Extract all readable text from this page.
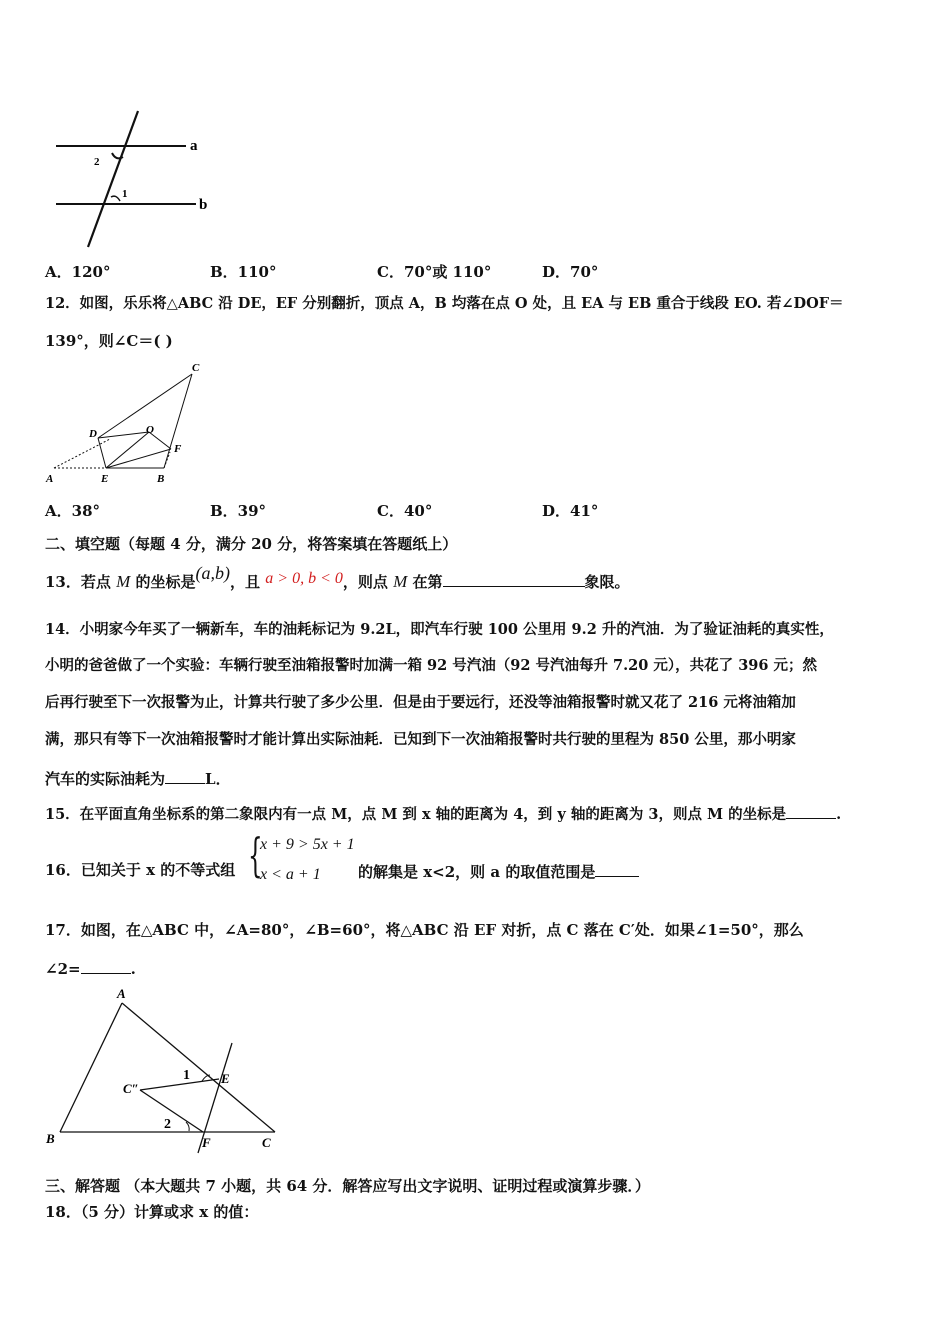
a
b
2
1
A．120°	B．110°	C．70°或 110°	D．70°
12．如图，乐乐将△ABC 沿 DE，EF 分别翻折，顶点 A，B 均落在点 O 处，且 EA 与 EB 重合于线段 EO. 若∠DOF＝
139°，则∠C＝( )
A	E	B
C
D	O
F
A．38°	B．39°	C．40°	D．41°
二、填空题（每题 4 分，满分 20 分，将答案填在答题纸上）
13．若点 M 的坐标是(a,b)，且 a > 0, b < 0，则点 M 在第	象限。
14．小明家今年买了一辆新车，车的油耗标记为 9.2L，即汽车行驶 100 公里用 9.2 升的汽油．为了验证油耗的真实性，
小明的爸爸做了一个实验：车辆行驶至油箱报警时加满一箱 92 号汽油（92 号汽油每升 7.20 元），共花了 396 元；然
后再行驶至下一次报警为止，计算共行驶了多少公里．但是由于要远行，还没等油箱报警时就又花了 216 元将油箱加
满，那只有等下一次油箱报警时才能计算出实际油耗．已知到下一次油箱报警时共行驶的里程为 850 公里，那小明家
汽车的实际油耗为	L．
15．在平面直角坐标系的第二象限内有一点 M，点 M 到 x 轴的距离为 4，到 y 轴的距离为 3，则点 M 的坐标是	.
16．已知关于 x 的不等式组 {
x + 9 > 5x + 1
x < a + 1 的解集是 x<2，则 a 的取值范围是
17．如图，在△ABC 中，∠A=80°，∠B=60°，将△ABC 沿 EF 对折，点 C 落在 C′处．如果∠1=50°，那么
∠2=	.
A
B	C
C″
E
F
1
2
三、解答题 （本大题共 7 小题，共 64 分．解答应写出文字说明、证明过程或演算步骤．）
18．（5 分）计算或求 x 的值：
